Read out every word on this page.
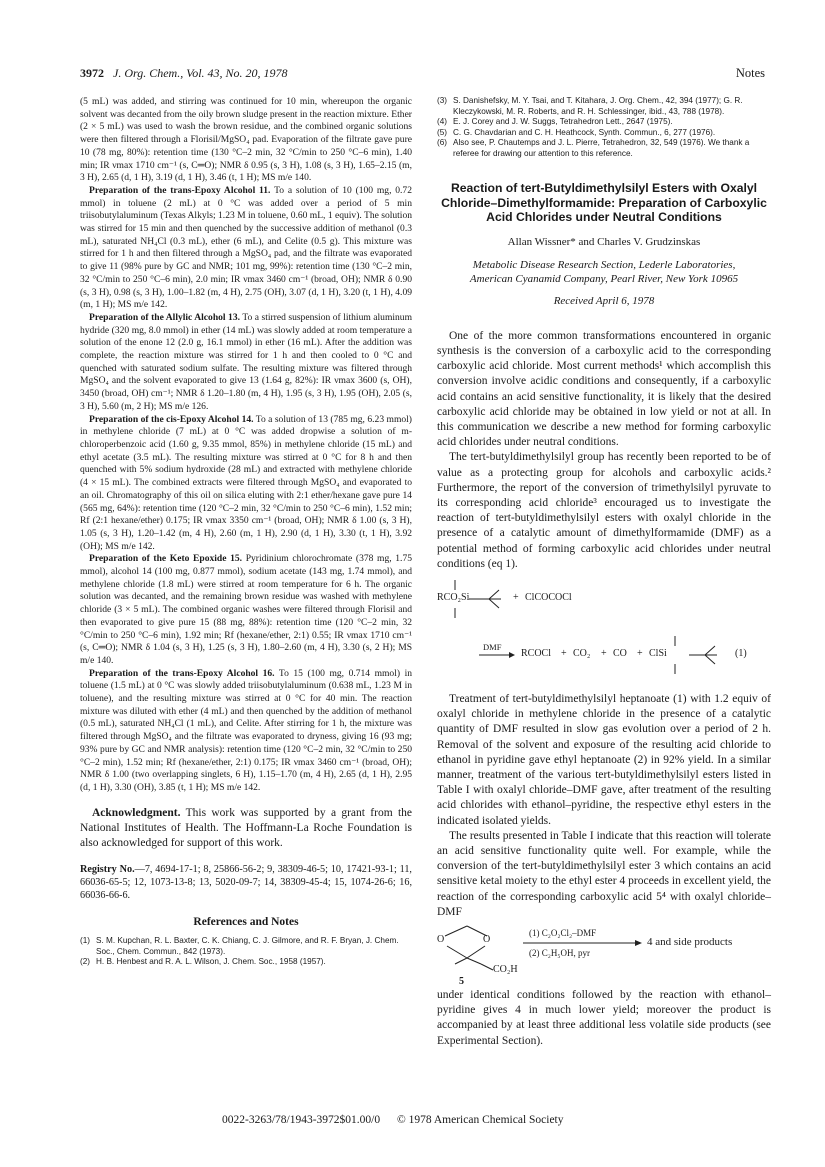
3972 J. Org. Chem., Vol. 43, No. 20, 1978	Notes

(5 mL) was added, and stirring was continued for 10 min, whereupon the organic solvent was decanted from the oily brown sludge present in the reaction mixture. Ether (2 × 5 mL) was used to wash the brown residue, and the combined organic solutions were then filtered through a Florisil/MgSO₄ pad. Evaporation of the filtrate gave pure 10 (78 mg, 80%): retention time (130 °C–2 min, 32 °C/min to 250 °C–6 min), 1.40 min; IR νmax 1710 cm⁻¹ (s, C═O); NMR δ 0.95 (s, 3 H), 1.08 (s, 3 H), 1.65–2.15 (m, 3 H), 2.65 (d, 1 H), 3.19 (d, 1 H), 3.46 (t, 1 H); MS m/e 140.

Preparation of the trans-Epoxy Alcohol 11. To a solution of 10 (100 mg, 0.72 mmol) in toluene (2 mL) at 0 °C was added over a period of 5 min triisobutylaluminum (Texas Alkyls; 1.23 M in toluene, 0.60 mL, 1 equiv). The solution was stirred for 15 min and then quenched by the successive addition of methanol (0.3 mL), saturated NH₄Cl (0.3 mL), ether (6 mL), and Celite (0.5 g). This mixture was stirred for 1 h and then filtered through a MgSO₄ pad, and the filtrate was evaporated to give 11 (98% pure by GC and NMR; 101 mg, 99%): retention time (130 °C–2 min, 32 °C/min to 250 °C–6 min), 2.0 min; IR νmax 3460 cm⁻¹ (broad, OH); NMR δ 0.90 (s, 3 H), 0.98 (s, 3 H), 1.00–1.82 (m, 4 H), 2.75 (OH), 3.07 (d, 1 H), 3.20 (t, 1 H), 4.09 (m, 1 H); MS m/e 142.

Preparation of the Allylic Alcohol 13. To a stirred suspension of lithium aluminum hydride (320 mg, 8.0 mmol) in ether (14 mL) was slowly added at room temperature a solution of the enone 12 (2.0 g, 16.1 mmol) in ether (16 mL). After the addition was complete, the reaction mixture was stirred for 1 h and then cooled to 0 °C and quenched with saturated sodium sulfate. The resulting mixture was filtered through MgSO₄ and the solvent evaporated to give 13 (1.64 g, 82%): IR νmax 3600 (s, OH), 3450 (broad, OH) cm⁻¹; NMR δ 1.20–1.80 (m, 4 H), 1.95 (s, 3 H), 1.95 (OH), 2.05 (s, 3 H), 5.60 (m, 2 H); MS m/e 126.

Preparation of the cis-Epoxy Alcohol 14. To a solution of 13 (785 mg, 6.23 mmol) in methylene chloride (7 mL) at 0 °C was added dropwise a solution of m-chloroperbenzoic acid (1.60 g, 9.35 mmol, 85%) in methylene chloride (15 mL) and ethyl acetate (3.5 mL). The resulting mixture was stirred at 0 °C for 8 h and then quenched with 5% sodium hydroxide (28 mL) and extracted with methylene chloride (4 × 15 mL). The combined extracts were filtered through MgSO₄ and evaporated to an oil. Chromatography of this oil on silica eluting with 2:1 ether/hexane gave pure 14 (565 mg, 64%): retention time (120 °C–2 min, 32 °C/min to 250 °C–6 min), 1.52 min; Rf (2:1 hexane/ether) 0.175; IR νmax 3350 cm⁻¹ (broad, OH); NMR δ 1.00 (s, 3 H), 1.05 (s, 3 H), 1.20–1.42 (m, 4 H), 2.60 (m, 1 H), 2.90 (d, 1 H), 3.30 (t, 1 H), 3.92 (OH); MS m/e 142.

Preparation of the Keto Epoxide 15. Pyridinium chlorochromate (378 mg, 1.75 mmol), alcohol 14 (100 mg, 0.877 mmol), sodium acetate (143 mg, 1.74 mmol), and methylene chloride (1.8 mL) were stirred at room temperature for 6 h. The organic solution was decanted, and the remaining brown residue was washed with methylene chloride (3 × 5 mL). The combined organic washes were filtered through Florisil and then evaporated to give pure 15 (88 mg, 88%): retention time (120 °C–2 min, 32 °C/min to 250 °C–6 min), 1.92 min; Rf (hexane/ether, 2:1) 0.55; IR νmax 1710 cm⁻¹ (s, C═O); NMR δ 1.04 (s, 3 H), 1.25 (s, 3 H), 1.80–2.60 (m, 4 H), 3.30 (s, 2 H); MS m/e 140.

Preparation of the trans-Epoxy Alcohol 16. To 15 (100 mg, 0.714 mmol) in toluene (1.5 mL) at 0 °C was slowly added triisobutylaluminum (0.638 mL, 1.23 M in toluene), and the resulting mixture was stirred at 0 °C for 40 min. The reaction mixture was diluted with ether (4 mL) and then quenched by the addition of methanol (0.5 mL), saturated NH₄Cl (1 mL), and Celite. After stirring for 1 h, the mixture was filtered through MgSO₄ and the filtrate was evaporated to dryness, giving 16 (93 mg; 93% pure by GC and NMR analysis): retention time (120 °C–2 min, 32 °C/min to 250 °C–2 min), 1.52 min; Rf (hexane/ether, 2:1) 0.175; IR νmax 3460 cm⁻¹ (broad, OH); NMR δ 1.00 (two overlapping singlets, 6 H), 1.15–1.70 (m, 4 H), 2.65 (d, 1 H), 2.95 (d, 1 H), 3.30 (OH), 3.85 (t, 1 H); MS m/e 142.

Acknowledgment. This work was supported by a grant from the National Institutes of Health. The Hoffmann-La Roche Foundation is also acknowledged for support of this work.
Registry No.—7, 4694-17-1; 8, 25866-56-2; 9, 38309-46-5; 10, 17421-93-1; 11, 66036-65-5; 12, 1073-13-8; 13, 5020-09-7; 14, 38309-45-4; 15, 1074-26-6; 16, 66036-66-6.
References and Notes
(1) S. M. Kupchan, R. L. Baxter, C. K. Chiang, C. J. Gilmore, and R. F. Bryan, J. Chem. Soc., Chem. Commun., 842 (1973).
(2) H. B. Henbest and R. A. L. Wilson, J. Chem. Soc., 1958 (1957).
(3) S. Danishefsky, M. Y. Tsai, and T. Kitahara, J. Org. Chem., 42, 394 (1977); G. R. Kleczykowski, M. R. Roberts, and R. H. Schlessinger, ibid., 43, 788 (1978).
(4) E. J. Corey and J. W. Suggs, Tetrahedron Lett., 2647 (1975).
(5) C. G. Chavdarian and C. H. Heathcock, Synth. Commun., 6, 277 (1976).
(6) Also see, P. Chautemps and J. L. Pierre, Tetrahedron, 32, 549 (1976). We thank a referee for drawing our attention to this reference.
Reaction of tert-Butyldimethylsilyl Esters with Oxalyl Chloride–Dimethylformamide: Preparation of Carboxylic Acid Chlorides under Neutral Conditions
Allan Wissner* and Charles V. Grudzinskas
Metabolic Disease Research Section, Lederle Laboratories,
American Cyanamid Company, Pearl River, New York 10965
Received April 6, 1978

One of the more common transformations encountered in organic synthesis is the conversion of a carboxylic acid to the corresponding carboxylic acid chloride. Most current methods¹ which accomplish this conversion involve acidic conditions and consequently, if a carboxylic acid contains an acid sensitive functionality, it is likely that the desired carboxylic acid chloride may be obtained in low yield or not at all. In this communication we describe a new method for forming carboxylic acid chlorides under neutral conditions.

The tert-butyldimethylsilyl group has recently been reported to be of value as a protecting group for alcohols and carboxylic acids.² Furthermore, the report of the conversion of trimethylsilyl pyruvate to its corresponding acid chloride³ encouraged us to investigate the reaction of tert-butyldimethylsilyl esters with oxalyl chloride in the presence of a catalytic amount of dimethylformamide (DMF) as a potential method of forming carboxylic acid chlorides under neutral conditions (eq 1).

RCO₂Si	+ ClCOCOCl
DMF
RCOCl + CO₂ + CO + ClSi	(1)

Treatment of tert-butyldimethylsilyl heptanoate (1) with 1.2 equiv of oxalyl chloride in methylene chloride in the presence of a catalytic quantity of DMF resulted in slow gas evolution over a period of 2 h. Removal of the solvent and exposure of the resulting acid chloride to ethanol in pyridine gave ethyl heptanoate (2) in 92% yield. In a similar manner, treatment of the various tert-butyldimethylsilyl esters listed in Table I with oxalyl chloride–DMF gave, after treatment of the resulting acid chlorides with ethanol–pyridine, the respective ethyl esters in the indicated isolated yields.

The results presented in Table I indicate that this reaction will tolerate an acid sensitive functionality quite well. For example, while the conversion of the tert-butyldimethylsilyl ester 3 which contains an acid sensitive ketal moiety to the ethyl ester 4 proceeds in excellent yield, the reaction of the corresponding carboxylic acid 5⁴ with oxalyl chloride–DMF

O	O
CO₂H
5
(1) C₂O₂Cl₂–DMF
(2) C₂H₅OH, pyr
4 and side products

under identical conditions followed by the reaction with ethanol–pyridine gives 4 in much lower yield; moreover the product is accompanied by at least three additional less volatile side products (see Experimental Section).

0022-3263/78/1943-3972$01.00/0 © 1978 American Chemical Society
